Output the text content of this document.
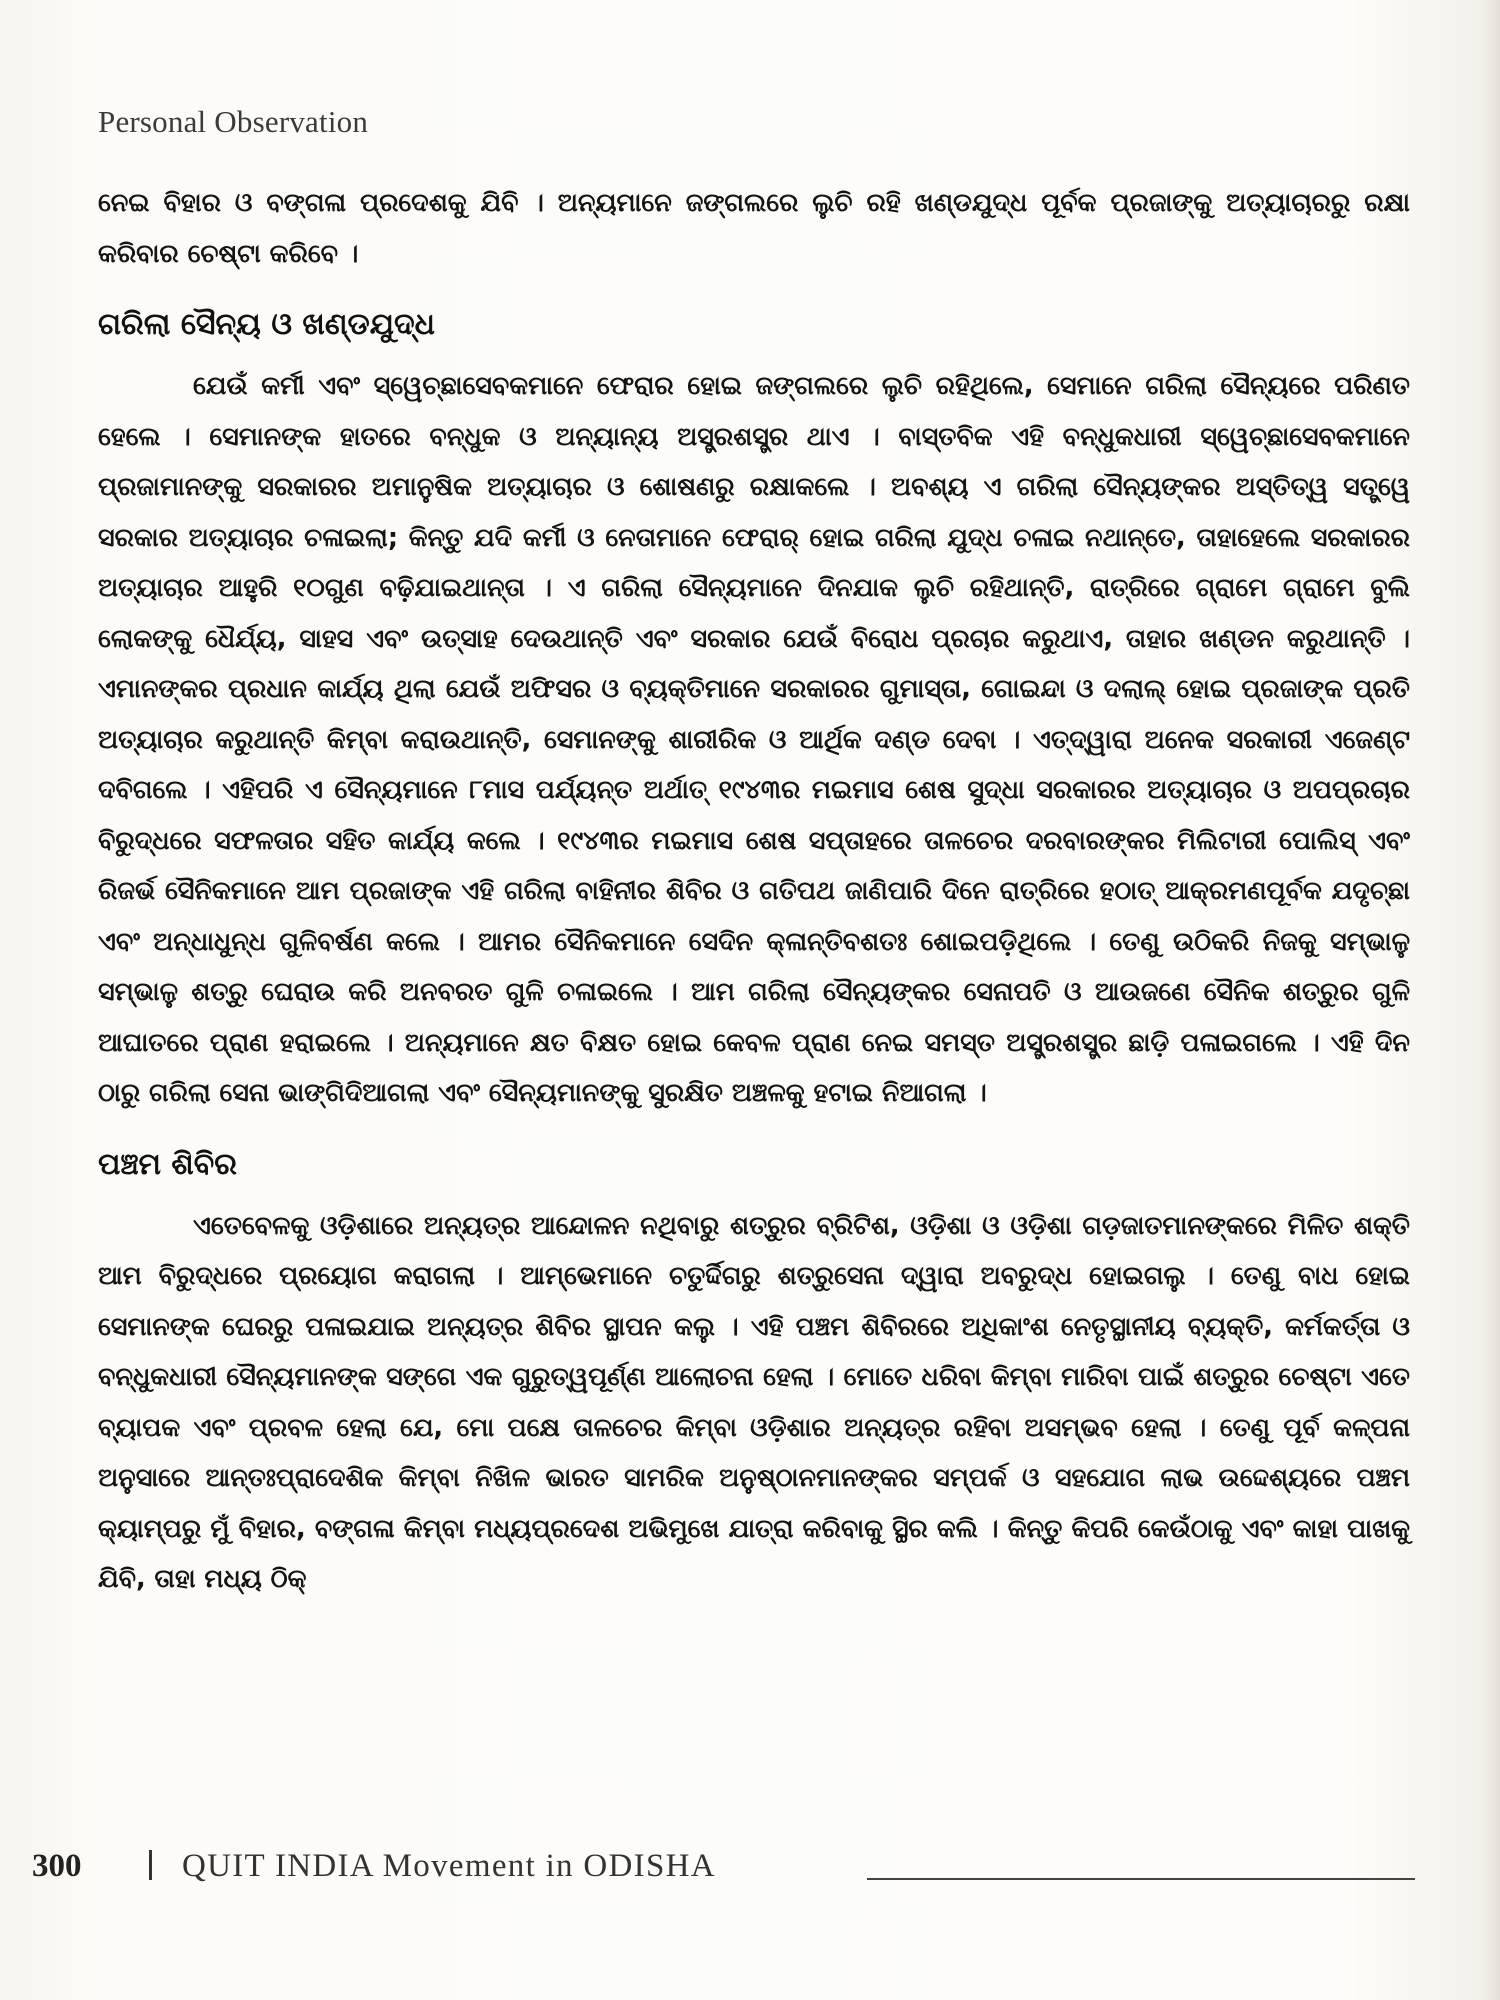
Personal Observation

ନେଇ ବିହାର ଓ ବଙ୍ଗଳା ପ୍ରଦେଶକୁ ଯିବି । ଅନ୍ୟମାନେ ଜଙ୍ଗଲରେ ଲୁଚି ରହି ଖଣ୍ଡଯୁଦ୍ଧ ପୂର୍ବକ ପ୍ରଜାଙ୍କୁ ଅତ୍ୟାଚାରରୁ ରକ୍ଷା କରିବାର ଚେଷ୍ଟା କରିବେ ।

ଗରିଲା ସୈନ୍ୟ ଓ ଖଣ୍ଡଯୁଦ୍ଧ

ଯେଉଁ କର୍ମୀ ଏବଂ ସ୍ୱେଚ୍ଛାସେବକମାନେ ଫେରାର ହୋଇ ଜଙ୍ଗଲରେ ଲୁଚି ରହିଥିଲେ, ସେମାନେ ଗରିଲା ସୈନ୍ୟରେ ପରିଣତ ହେଲେ । ସେମାନଙ୍କ ହାତରେ ବନ୍ଧୁକ ଓ ଅନ୍ୟାନ୍ୟ ଅସ୍ତ୍ରଶସ୍ତ୍ର ଥାଏ । ବାସ୍ତବିକ ଏହି ବନ୍ଧୁକଧାରୀ ସ୍ୱେଚ୍ଛାସେବକମାନେ ପ୍ରଜାମାନଙ୍କୁ ସରକାରର ଅମାନୁଷିକ ଅତ୍ୟାଚାର ଓ ଶୋଷଣରୁ ରକ୍ଷାକଲେ । ଅବଶ୍ୟ ଏ ଗରିଲା ସୈନ୍ୟଙ୍କର ଅସ୍ତିତ୍ୱ ସତ୍ତ୍ୱେ ସରକାର ଅତ୍ୟାଚାର ଚଳାଇଲା; କିନ୍ତୁ ଯଦି କର୍ମୀ ଓ ନେତାମାନେ ଫେରାର୍ ହୋଇ ଗରିଲା ଯୁଦ୍ଧ ଚଳାଇ ନଥାନ୍ତେ, ତାହାହେଲେ ସରକାରର ଅତ୍ୟାଚାର ଆହୁରି ୧୦ଗୁଣ ବଢ଼ିଯାଇଥାନ୍ତା । ଏ ଗରିଲା ସୈନ୍ୟମାନେ ଦିନଯାକ ଲୁଚି ରହିଥାନ୍ତି, ରାତ୍ରିରେ ଗ୍ରାମେ ଗ୍ରାମେ ବୁଲି ଲୋକଙ୍କୁ ଧୈର୍ଯ୍ୟ, ସାହସ ଏବଂ ଉତ୍ସାହ ଦେଉଥାନ୍ତି ଏବଂ ସରକାର ଯେଉଁ ବିରୋଧ ପ୍ରଚାର କରୁଥାଏ, ତାହାର ଖଣ୍ଡନ କରୁଥାନ୍ତି । ଏମାନଙ୍କର ପ୍ରଧାନ କାର୍ଯ୍ୟ ଥିଲା ଯେଉଁ ଅଫିସର ଓ ବ୍ୟକ୍ତିମାନେ ସରକାରର ଗୁମାସ୍ତା, ଗୋଇନ୍ଦା ଓ ଦଲାଲ୍ ହୋଇ ପ୍ରଜାଙ୍କ ପ୍ରତି ଅତ୍ୟାଚାର କରୁଥାନ୍ତି କିମ୍ବା କରାଉଥାନ୍ତି, ସେମାନଙ୍କୁ ଶାରୀରିକ ଓ ଆର୍ଥିକ ଦଣ୍ଡ ଦେବା । ଏତ୍‌ଦ୍ୱାରା ଅନେକ ସରକାରୀ ଏଜେଣ୍ଟ ଦବିଗଲେ । ଏହିପରି ଏ ସୈନ୍ୟମାନେ ୮ମାସ ପର୍ଯ୍ୟନ୍ତ ଅର୍ଥାତ୍ ୧୯୪୩ର ମଇମାସ ଶେଷ ସୁଦ୍ଧା ସରକାରର ଅତ୍ୟାଚାର ଓ ଅପପ୍ରଚାର ବିରୁଦ୍ଧରେ ସଫଳତାର ସହିତ କାର୍ଯ୍ୟ କଲେ । ୧୯୪୩ର ମଇମାସ ଶେଷ ସପ୍ତାହରେ ତାଳଚେର ଦରବାରଙ୍କର ମିଲିଟାରୀ ପୋଲିସ୍ ଏବଂ ରିଜର୍ଭ ସୈନିକମାନେ ଆମ ପ୍ରଜାଙ୍କ ଏହି ଗରିଲା ବାହିନୀର ଶିବିର ଓ ଗତିପଥ ଜାଣିପାରି ଦିନେ ରାତ୍ରିରେ ହଠାତ୍ ଆକ୍ରମଣପୂର୍ବକ ଯଦୃଚ୍ଛା ଏବଂ ଅନ୍ଧାଧୁନ୍ଧ ଗୁଳିବର୍ଷଣ କଲେ । ଆମର ସୈନିକମାନେ ସେଦିନ କ୍ଳାନ୍ତିବଶତଃ ଶୋଇପଡ଼ିଥିଲେ । ତେଣୁ ଉଠିକରି ନିଜକୁ ସମ୍ଭାଳୁ ସମ୍ଭାଳୁ ଶତ୍ରୁ ଘେରାଉ କରି ଅନବରତ ଗୁଳି ଚଳାଇଲେ । ଆମ ଗରିଲା ସୈନ୍ୟଙ୍କର ସେନାପତି ଓ ଆଉଜଣେ ସୈନିକ ଶତ୍ରୁର ଗୁଳି ଆଘାତରେ ପ୍ରାଣ ହରାଇଲେ । ଅନ୍ୟମାନେ କ୍ଷତ ବିକ୍ଷତ ହୋଇ କେବଳ ପ୍ରାଣ ନେଇ ସମସ୍ତ ଅସ୍ତ୍ରଶସ୍ତ୍ର ଛାଡ଼ି ପଳାଇଗଲେ । ଏହି ଦିନ ଠାରୁ ଗରିଲା ସେନା ଭାଙ୍ଗିଦିଆଗଲା ଏବଂ ସୈନ୍ୟମାନଙ୍କୁ ସୁରକ୍ଷିତ ଅଞ୍ଚଳକୁ ହଟାଇ ନିଆଗଲା ।

ପଞ୍ଚମ ଶିବିର

ଏତେବେଳକୁ ଓଡ଼ିଶାରେ ଅନ୍ୟତ୍ର ଆନ୍ଦୋଳନ ନଥିବାରୁ ଶତ୍ରୁର ବ୍ରିଟିଶ, ଓଡ଼ିଶା ଓ ଓଡ଼ିଶା ଗଡ଼ଜାତମାନଙ୍କରେ ମିଳିତ ଶକ୍ତି ଆମ ବିରୁଦ୍ଧରେ ପ୍ରୟୋଗ କରାଗଲା । ଆମ୍ଭେମାନେ ଚତୁର୍ଦ୍ଦିଗରୁ ଶତ୍ରୁସେନା ଦ୍ୱାରା ଅବରୁଦ୍ଧ ହୋଇଗଲୁ । ତେଣୁ ବାଧ ହୋଇ ସେମାନଙ୍କ ଘେରରୁ ପଳାଇଯାଇ ଅନ୍ୟତ୍ର ଶିବିର ସ୍ଥାପନ କଲୁ । ଏହି ପଞ୍ଚମ ଶିବିରରେ ଅଧିକାଂଶ ନେତୃସ୍ଥାନୀୟ ବ୍ୟକ୍ତି, କର୍ମକର୍ତ୍ତା ଓ ବନ୍ଧୁକଧାରୀ ସୈନ୍ୟମାନଙ୍କ ସଙ୍ଗେ ଏକ ଗୁରୁତ୍ୱପୂର୍ଣ୍ଣ ଆଲୋଚନା ହେଲା । ମୋତେ ଧରିବା କିମ୍ବା ମାରିବା ପାଇଁ ଶତ୍ରୁର ଚେଷ୍ଟା ଏତେ ବ୍ୟାପକ ଏବଂ ପ୍ରବଳ ହେଲା ଯେ, ମୋ ପକ୍ଷେ ତାଳଚେର କିମ୍ବା ଓଡ଼ିଶାର ଅନ୍ୟତ୍ର ରହିବା ଅସମ୍ଭବ ହେଲା । ତେଣୁ ପୂର୍ବ କଳ୍ପନା ଅନୁସାରେ ଆନ୍ତଃପ୍ରାଦେଶିକ କିମ୍ବା ନିଖିଳ ଭାରତ ସାମରିକ ଅନୁଷ୍ଠାନମାନଙ୍କର ସମ୍ପର୍କ ଓ ସହଯୋଗ ଲାଭ ଉଦ୍ଦେଶ୍ୟରେ ପଞ୍ଚମ କ୍ୟାମ୍ପରୁ ମୁଁ ବିହାର, ବଙ୍ଗଳା କିମ୍ବା ମଧ୍ୟପ୍ରଦେଶ ଅଭିମୁଖେ ଯାତ୍ରା କରିବାକୁ ସ୍ଥିର କଲି । କିନ୍ତୁ କିପରି କେଉଁଠାକୁ ଏବଂ କାହା ପାଖକୁ ଯିବି, ତାହା ମଧ୍ୟ ଠିକ୍

300	QUIT INDIA Movement in ODISHA
